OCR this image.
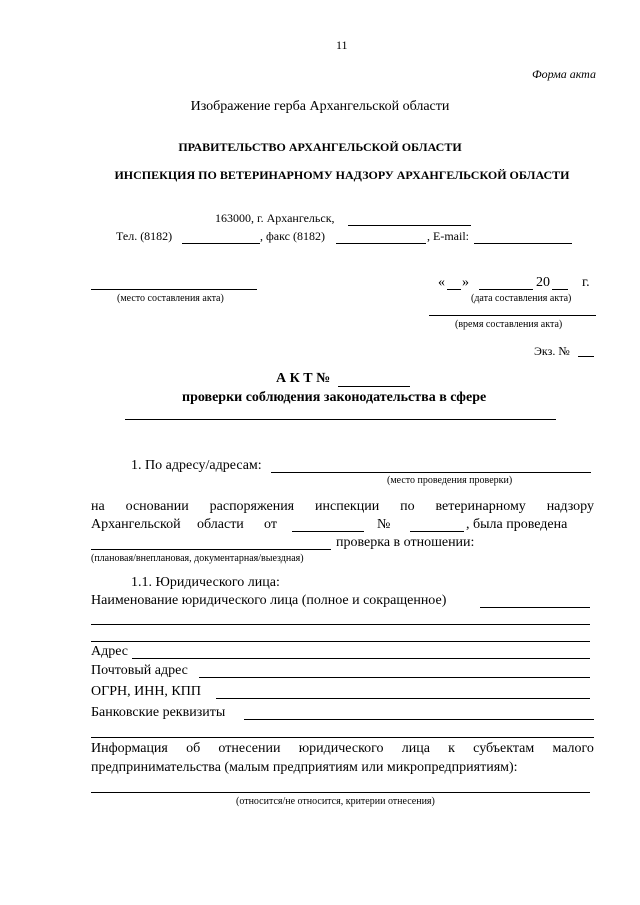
11
Форма акта
Изображение герба Архангельской области
ПРАВИТЕЛЬСТВО АРХАНГЕЛЬСКОЙ ОБЛАСТИ
ИНСПЕКЦИЯ ПО ВЕТЕРИНАРНОМУ НАДЗОРУ АРХАНГЕЛЬСКОЙ ОБЛАСТИ
163000, г. Архангельск,
Тел. (8182)	, факс (8182)	, E-mail:
(место составления акта)
« »	20 г.
(дата составления акта)
(время составления акта)
Экз. №
А К Т №
проверки соблюдения законодательства в сфере
1. По адресу/адресам:
(место проведения проверки)
на основании распоряжения инспекции по ветеринарному надзору
Архангельской области от	№	, была проведена
проверка в отношении:
(плановая/внеплановая, документарная/выездная)
1.1. Юридического лица:
Наименование юридического лица (полное и сокращенное)
Адрес
Почтовый адрес
ОГРН, ИНН, КПП
Банковские реквизиты
Информация об отнесении юридического лица к субъектам малого
предпринимательства (малым предприятиям или микропредприятиям):
(относится/не относится, критерии отнесения)
